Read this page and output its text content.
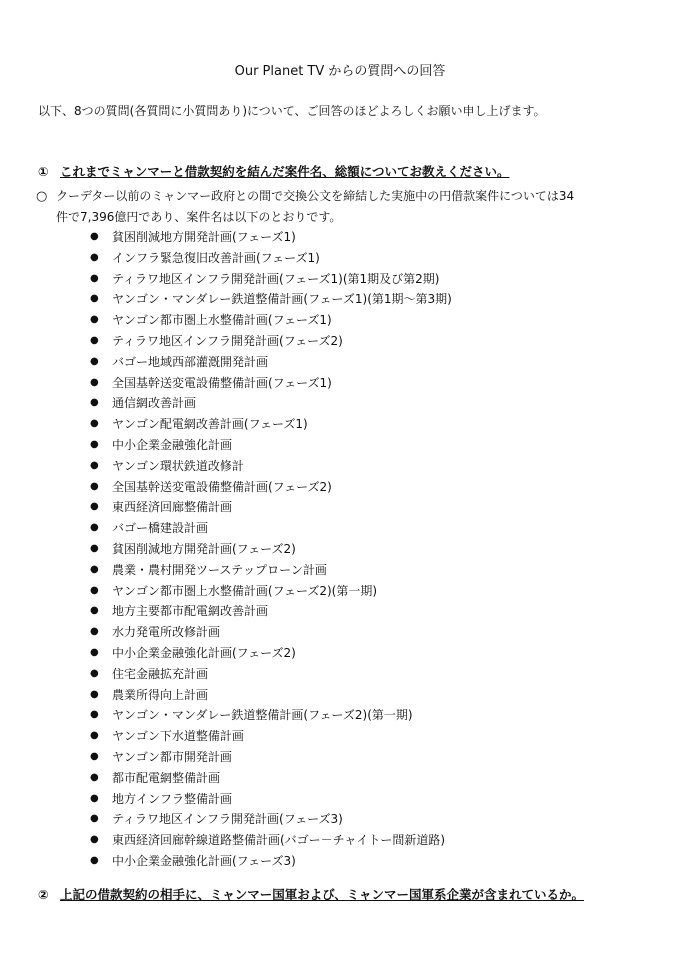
Our Planet TV からの質問への回答
以下、8つの質問(各質問に小質問あり)について、ご回答のほどよろしくお願い申し上げます。
① これまでミャンマーと借款契約を結んだ案件名、総額についてお教えください。
○ クーデター以前のミャンマー政府との間で交換公文を締結した実施中の円借款案件については34
件で7,396億円であり、案件名は以下のとおりです。
● 貧困削減地方開発計画(フェーズ1)
● インフラ緊急復旧改善計画(フェーズ1)
● ティラワ地区インフラ開発計画(フェーズ1)(第1期及び第2期)
● ヤンゴン・マンダレー鉄道整備計画(フェーズ1)(第1期～第3期)
● ヤンゴン都市圏上水整備計画(フェーズ1)
● ティラワ地区インフラ開発計画(フェーズ2)
● バゴー地域西部灌漑開発計画
● 全国基幹送変電設備整備計画(フェーズ1)
● 通信網改善計画
● ヤンゴン配電網改善計画(フェーズ1)
● 中小企業金融強化計画
● ヤンゴン環状鉄道改修計
● 全国基幹送変電設備整備計画(フェーズ2)
● 東西経済回廊整備計画
● バゴー橋建設計画
● 貧困削減地方開発計画(フェーズ2)
● 農業・農村開発ツーステップローン計画
● ヤンゴン都市圏上水整備計画(フェーズ2)(第一期)
● 地方主要都市配電網改善計画
● 水力発電所改修計画
● 中小企業金融強化計画(フェーズ2)
● 住宅金融拡充計画
● 農業所得向上計画
● ヤンゴン・マンダレー鉄道整備計画(フェーズ2)(第一期)
● ヤンゴン下水道整備計画
● ヤンゴン都市開発計画
● 都市配電網整備計画
● 地方インフラ整備計画
● ティラワ地区インフラ開発計画(フェーズ3)
● 東西経済回廊幹線道路整備計画(バゴー－チャイトー間新道路)
● 中小企業金融強化計画(フェーズ3)
② 上記の借款契約の相手に、ミャンマー国軍および、ミャンマー国軍系企業が含まれているか。
